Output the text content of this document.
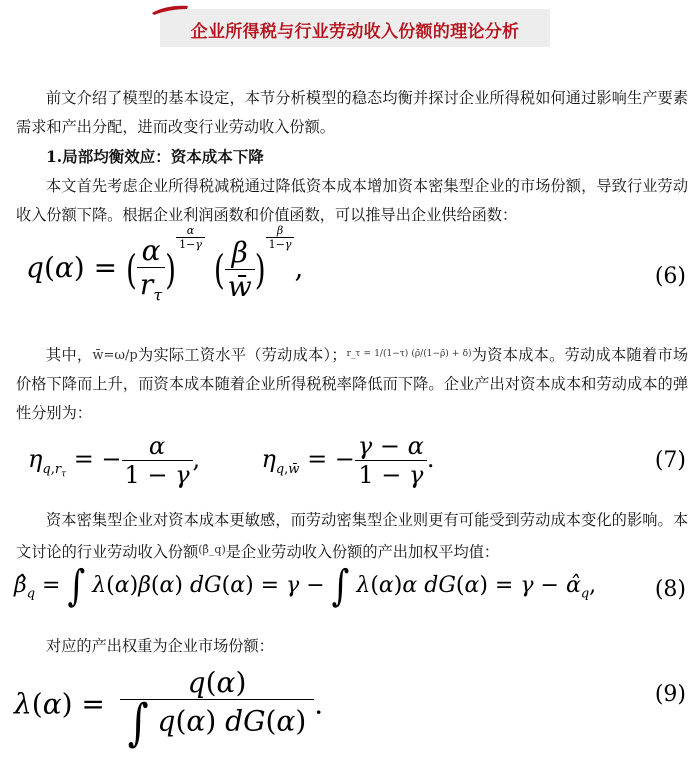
企业所得税与行业劳动收入份额的理论分析
前文介绍了模型的基本设定，本节分析模型的稳态均衡并探讨企业所得税如何通过影响生产要素需求和产出分配，进而改变行业劳动收入份额。
1.局部均衡效应：资本成本下降
本文首先考虑企业所得税减税通过降低资本成本增加资本密集型企业的市场份额，导致行业劳动收入份额下降。根据企业利润函数和价值函数，可以推导出企业供给函数：
q(α) = ( $\frac{\alpha}{r_\tau}$ )
$^{\frac{\alpha}{1-\gamma}}$
( $\frac{\beta}{w̄}$ )
$^{\frac{\beta}{1-\gamma}}$
,	(6)
其中，w̄=ω/p为实际工资水平（劳动成本）；$^{r\_\tau = 1/(1-\tau) (\rhō/(1-\rhō) + \delta)}$为资本成本。劳动成本随着市场价格下降而上升，而资本成本随着企业所得税税率降低而下降。企业产出对资本成本和劳动成本的弹性分别为：
$\eta_{q,r_\tau}$ = − $\frac{\alpha}{1 - \gamma}$ ,  $\eta_{q,w̄}$ = − $\frac{\gamma - \alpha}{1 - \gamma}$ .	(7)
资本密集型企业对资本成本更敏感，而劳动密集型企业则更有可能受到劳动成本变化的影响。本文讨论的行业劳动收入份额$^{(\betâ\_q)}$是企业劳动收入份额的产出加权平均值：
$\betâ_q$ = ∫ λ(α)β(α) dG(α) = γ − ∫ λ(α)α $dG(\alpha) = \gamma - \alphâ_q$,	(8)
对应的产出权重为企业市场份额：
$\lambda(\alpha) = \frac{q(\alpha)}{\int q(\alpha) dG(\alpha)}$ .	(9)
